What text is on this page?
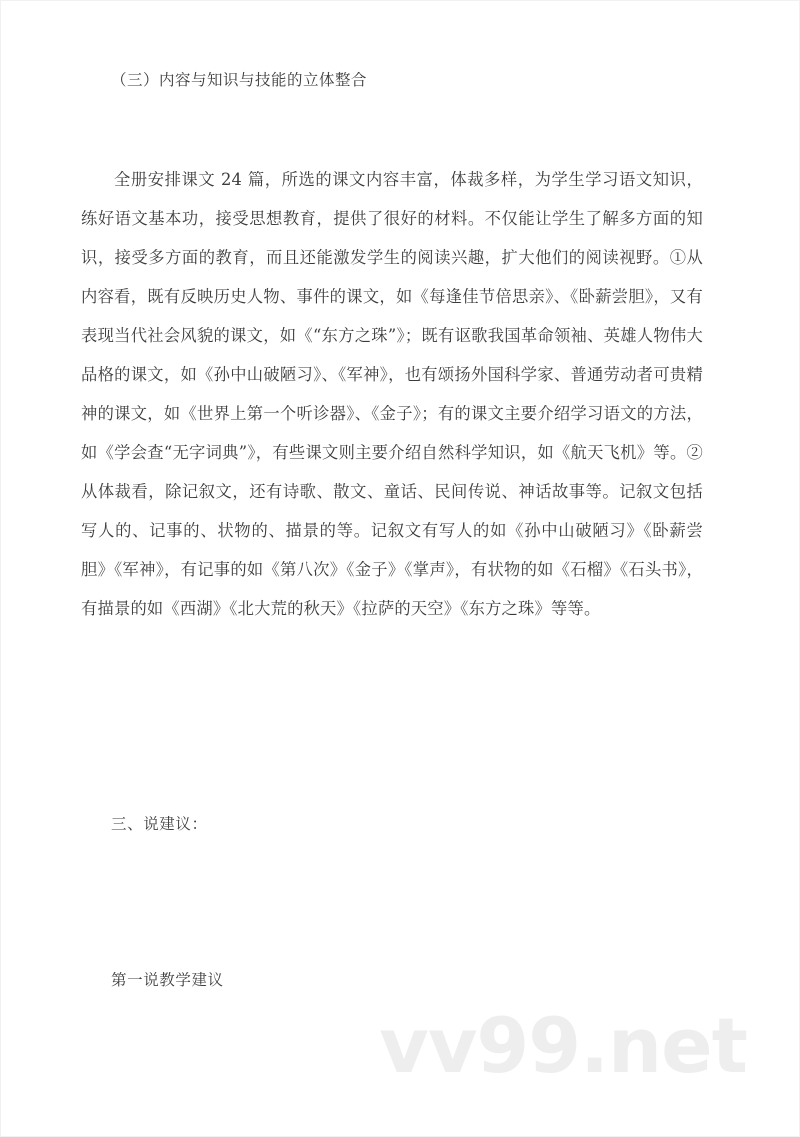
vv99.net
（三）内容与知识与技能的立体整合

全册安排课文 24 篇，所选的课文内容丰富，体裁多样，为学生学习语文知识，练好语文基本功，接受思想教育，提供了很好的材料。不仅能让学生了解多方面的知识，接受多方面的教育，而且还能激发学生的阅读兴趣，扩大他们的阅读视野。①从内容看，既有反映历史人物、事件的课文，如《每逢佳节倍思亲》、《卧薪尝胆》，又有表现当代社会风貌的课文，如《“东方之珠”》；既有讴歌我国革命领袖、英雄人物伟大品格的课文，如《孙中山破陋习》、《军神》，也有颂扬外国科学家、普通劳动者可贵精神的课文，如《世界上第一个听诊器》、《金子》；有的课文主要介绍学习语文的方法，如《学会查“无字词典”》，有些课文则主要介绍自然科学知识，如《航天飞机》等。②从体裁看，除记叙文，还有诗歌、散文、童话、民间传说、神话故事等。记叙文包括写人的、记事的、状物的、描景的等。记叙文有写人的如《孙中山破陋习》《卧薪尝胆》《军神》，有记事的如《第八次》《金子》《掌声》，有状物的如《石榴》《石头书》，有描景的如《西湖》《北大荒的秋天》《拉萨的天空》《东方之珠》等等。

三、说建议：
第一说教学建议
